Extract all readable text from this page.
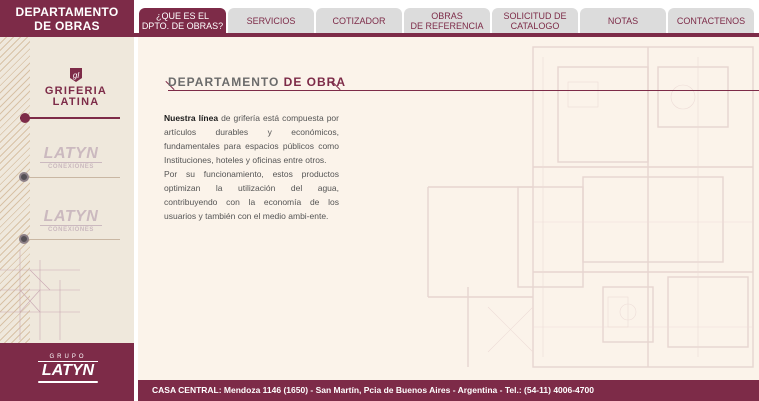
DEPARTAMENTO
DE OBRAS
gl
GRIFERIA
LATINA
LATYN
CONEXIONES
LATYN
CONEXIONES
GRUPO
LATYN
¿QUE ES EL
DPTO. DE OBRAS?	SERVICIOS	COTIZADOR	OBRAS
DE REFERENCIA
SOLICITUD DE
CATALOGO	NOTAS	CONTACTENOS
DEPARTAMENTO DE OBRA

Nuestra línea de grifería está compuesta por artículos durables y económicos, fundamentales para espacios públicos como Instituciones, hoteles y oficinas entre otros.

Por su funcionamiento, estos productos optimizan la utilización del agua, contribuyendo con la economía de los usuarios y también con el medio ambi-ente.

CASA CENTRAL: Mendoza 1146 (1650) - San Martín, Pcia de Buenos Aires - Argentina - Tel.: (54-11) 4006-4700
